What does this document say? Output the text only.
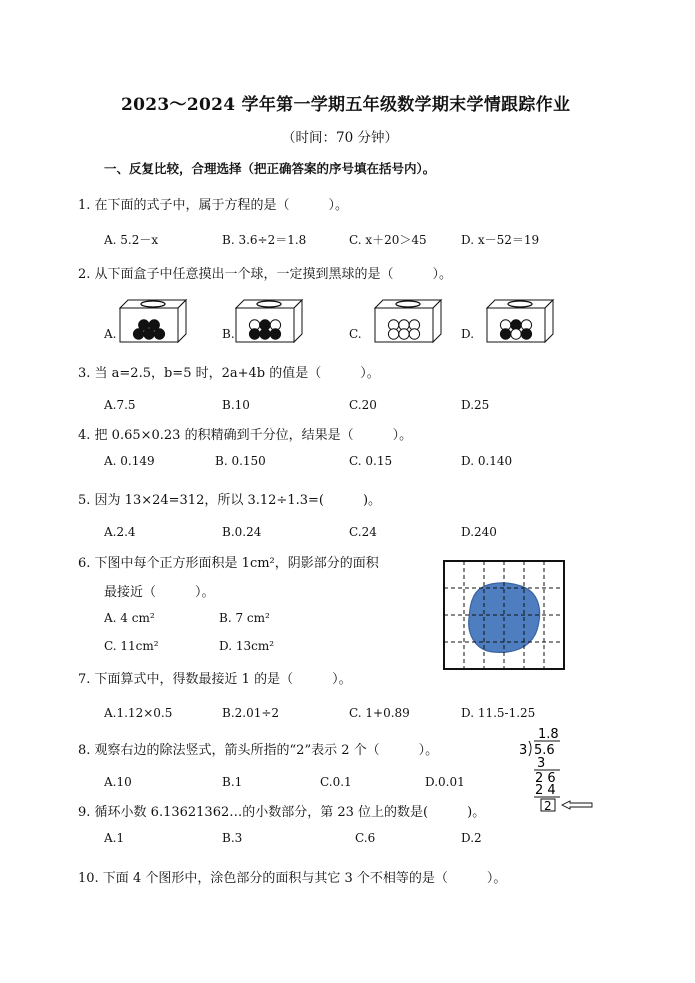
2023～2024 学年第一学期五年级数学期末学情跟踪作业
（时间：70 分钟）
一、反复比较，合理选择（把正确答案的序号填在括号内）。
1. 在下面的式子中，属于方程的是（　　　）。
A. 5.2－x	B. 3.6÷2＝1.8	C. x＋20＞45	D. x－52＝19
2. 从下面盒子中任意摸出一个球，一定摸到黑球的是（　　　）。
A.	B.	C.	D.
3. 当 a=2.5，b=5 时，2a+4b 的值是（　　　）。
A.7.5	B.10	C.20	D.25
4. 把 0.65×0.23 的积精确到千分位，结果是（　　　）。
A. 0.149	B. 0.150	C. 0.15	D. 0.140
5. 因为 13×24=312，所以 3.12÷1.3=(　　　)。
A.2.4	B.0.24	C.24	D.240
6. 下图中每个正方形面积是 1cm²，阴影部分的面积
最接近（　　　）。
A. 4 cm²	B. 7 cm²
C. 11cm²	D. 13cm²
7. 下面算式中，得数最接近 1 的是（　　　）。
A.1.12×0.5	B.2.01÷2	C. 1+0.89	D. 11.5-1.25
8. 观察右边的除法竖式，箭头所指的“2”表示 2 个（　　　）。
A.10	B.1	C.0.1	D.0.01
1.8
3 5.6
3
2 6
2 4
2
9. 循环小数 6.13621362…的小数部分，第 23 位上的数是(　　　)。
A.1	B.3	C.6	D.2
10. 下面 4 个图形中，涂色部分的面积与其它 3 个不相等的是（　　　）。
